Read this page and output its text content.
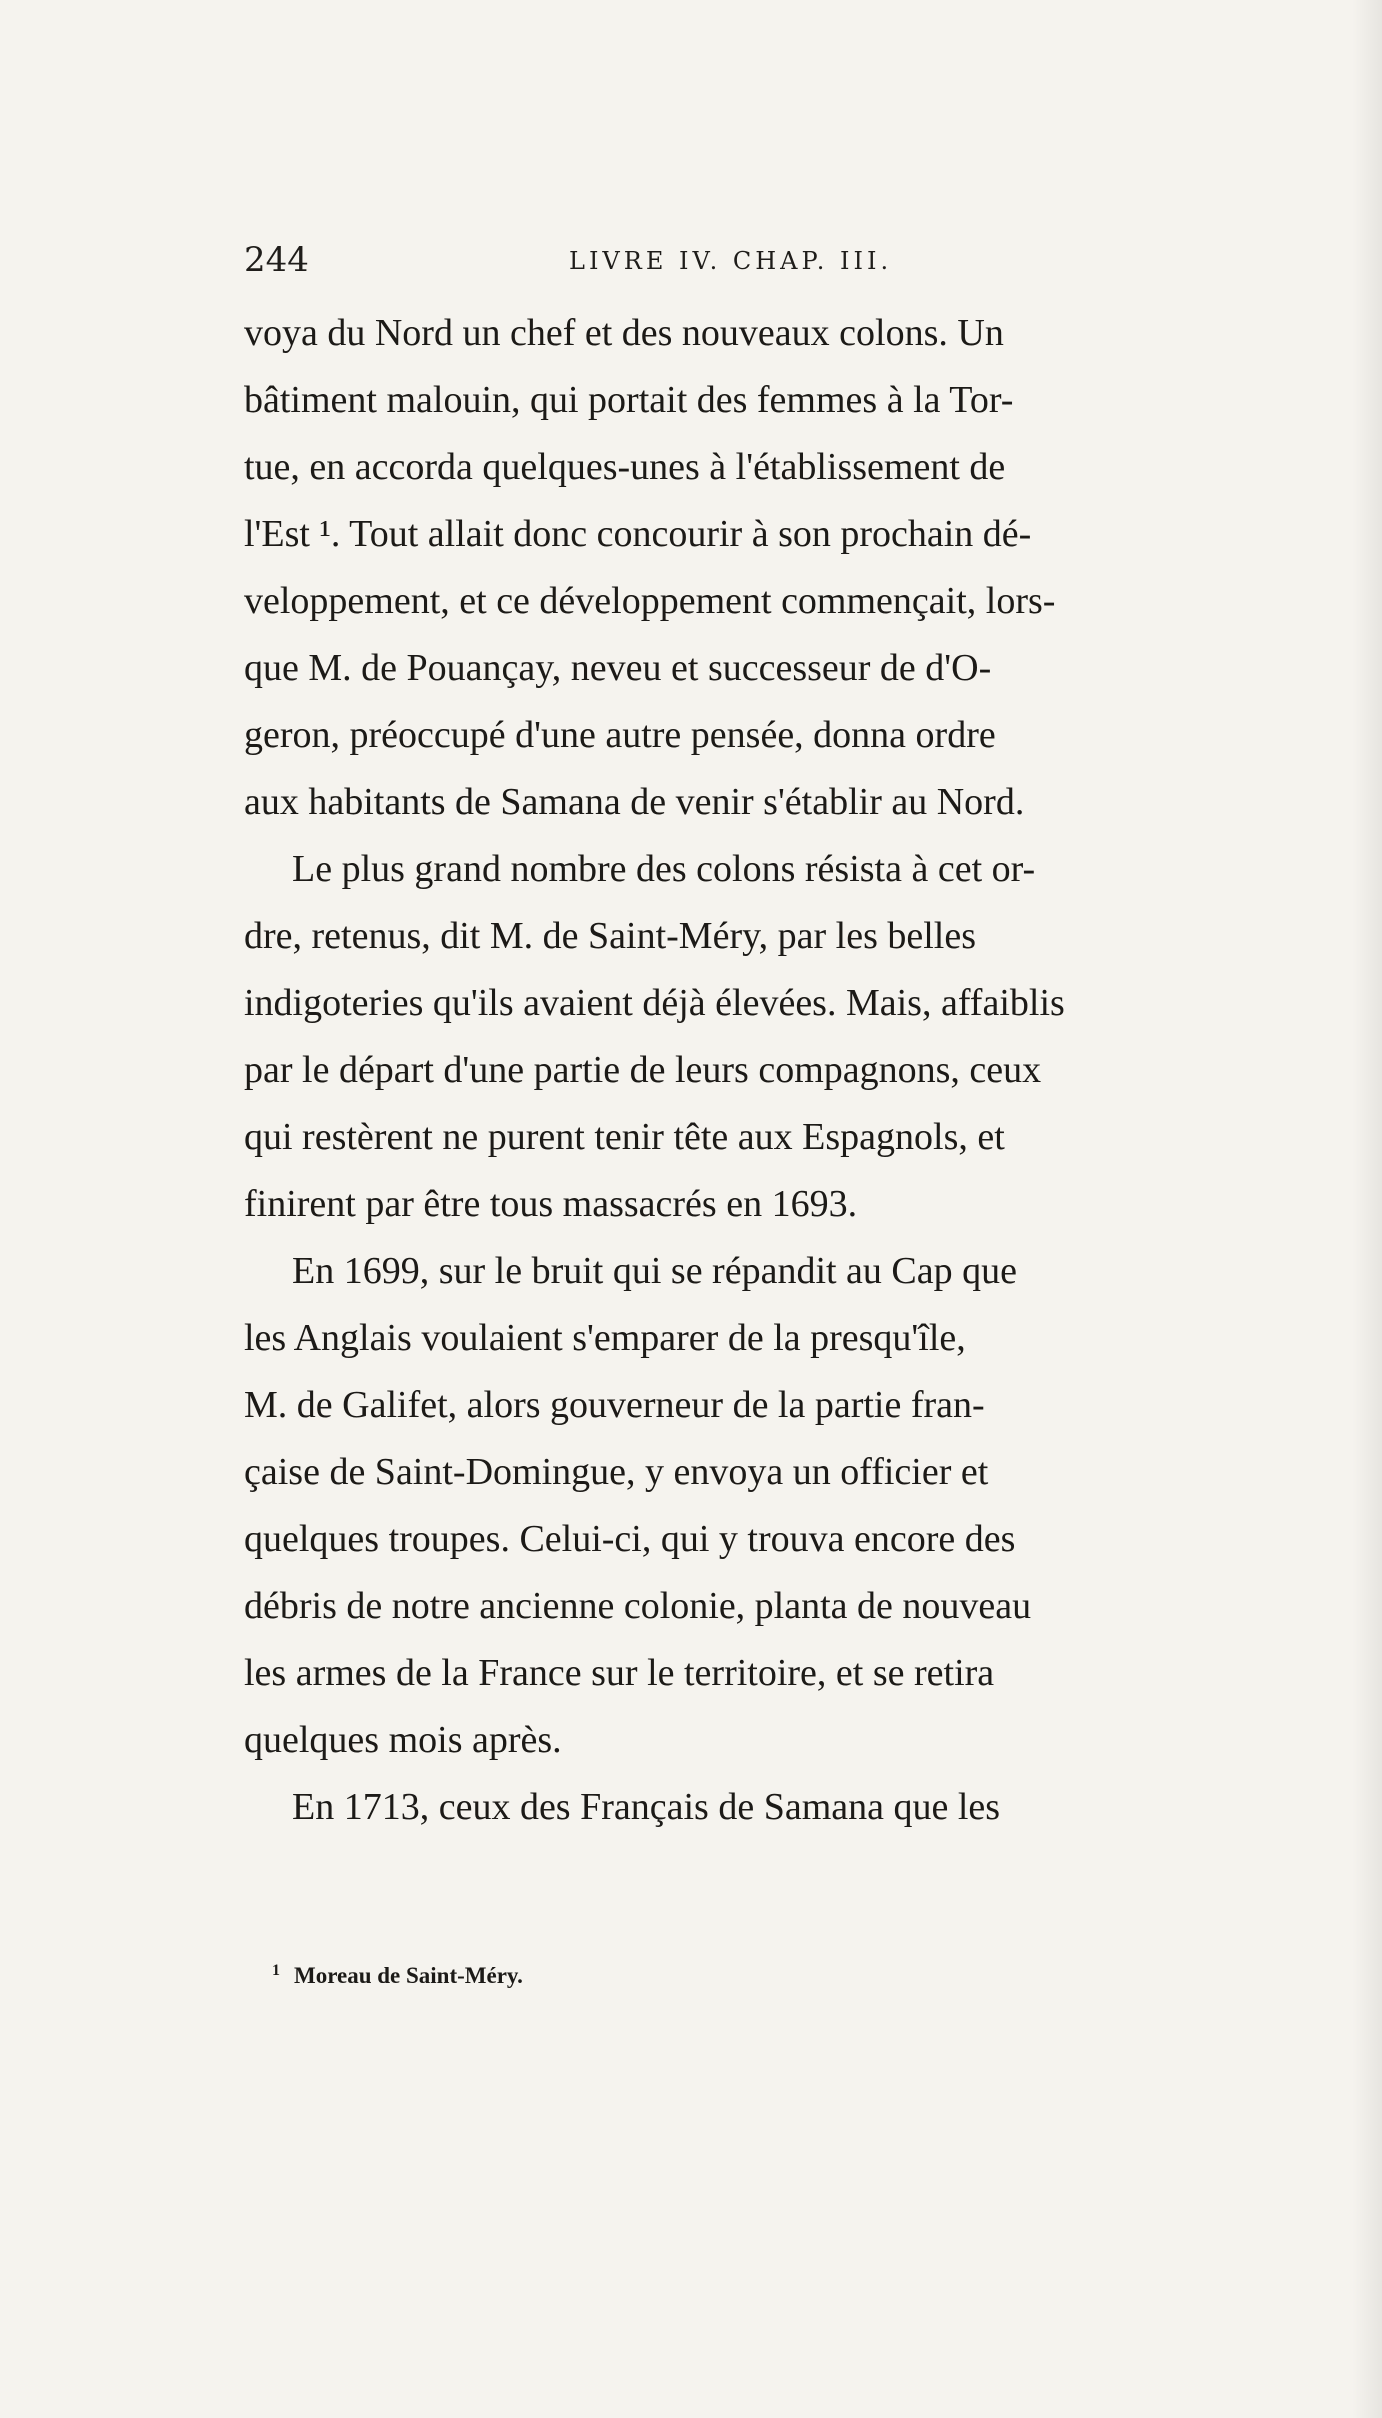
244	LIVRE IV. CHAP. III.
voya du Nord un chef et des nouveaux colons. Un
bâtiment malouin, qui portait des femmes à la Tor-
tue, en accorda quelques-unes à l'établissement de
l'Est ¹. Tout allait donc concourir à son prochain dé-
veloppement, et ce développement commençait, lors-
que M. de Pouançay, neveu et successeur de d'O-
geron, préoccupé d'une autre pensée, donna ordre
aux habitants de Samana de venir s'établir au Nord.
Le plus grand nombre des colons résista à cet or-
dre, retenus, dit M. de Saint-Méry, par les belles
indigoteries qu'ils avaient déjà élevées. Mais, affaiblis
par le départ d'une partie de leurs compagnons, ceux
qui restèrent ne purent tenir tête aux Espagnols, et
finirent par être tous massacrés en 1693.
En 1699, sur le bruit qui se répandit au Cap que
les Anglais voulaient s'emparer de la presqu'île,
M. de Galifet, alors gouverneur de la partie fran-
çaise de Saint-Domingue, y envoya un officier et
quelques troupes. Celui-ci, qui y trouva encore des
débris de notre ancienne colonie, planta de nouveau
les armes de la France sur le territoire, et se retira
quelques mois après.
En 1713, ceux des Français de Samana que les
$^1$ Moreau de Saint-Méry.
